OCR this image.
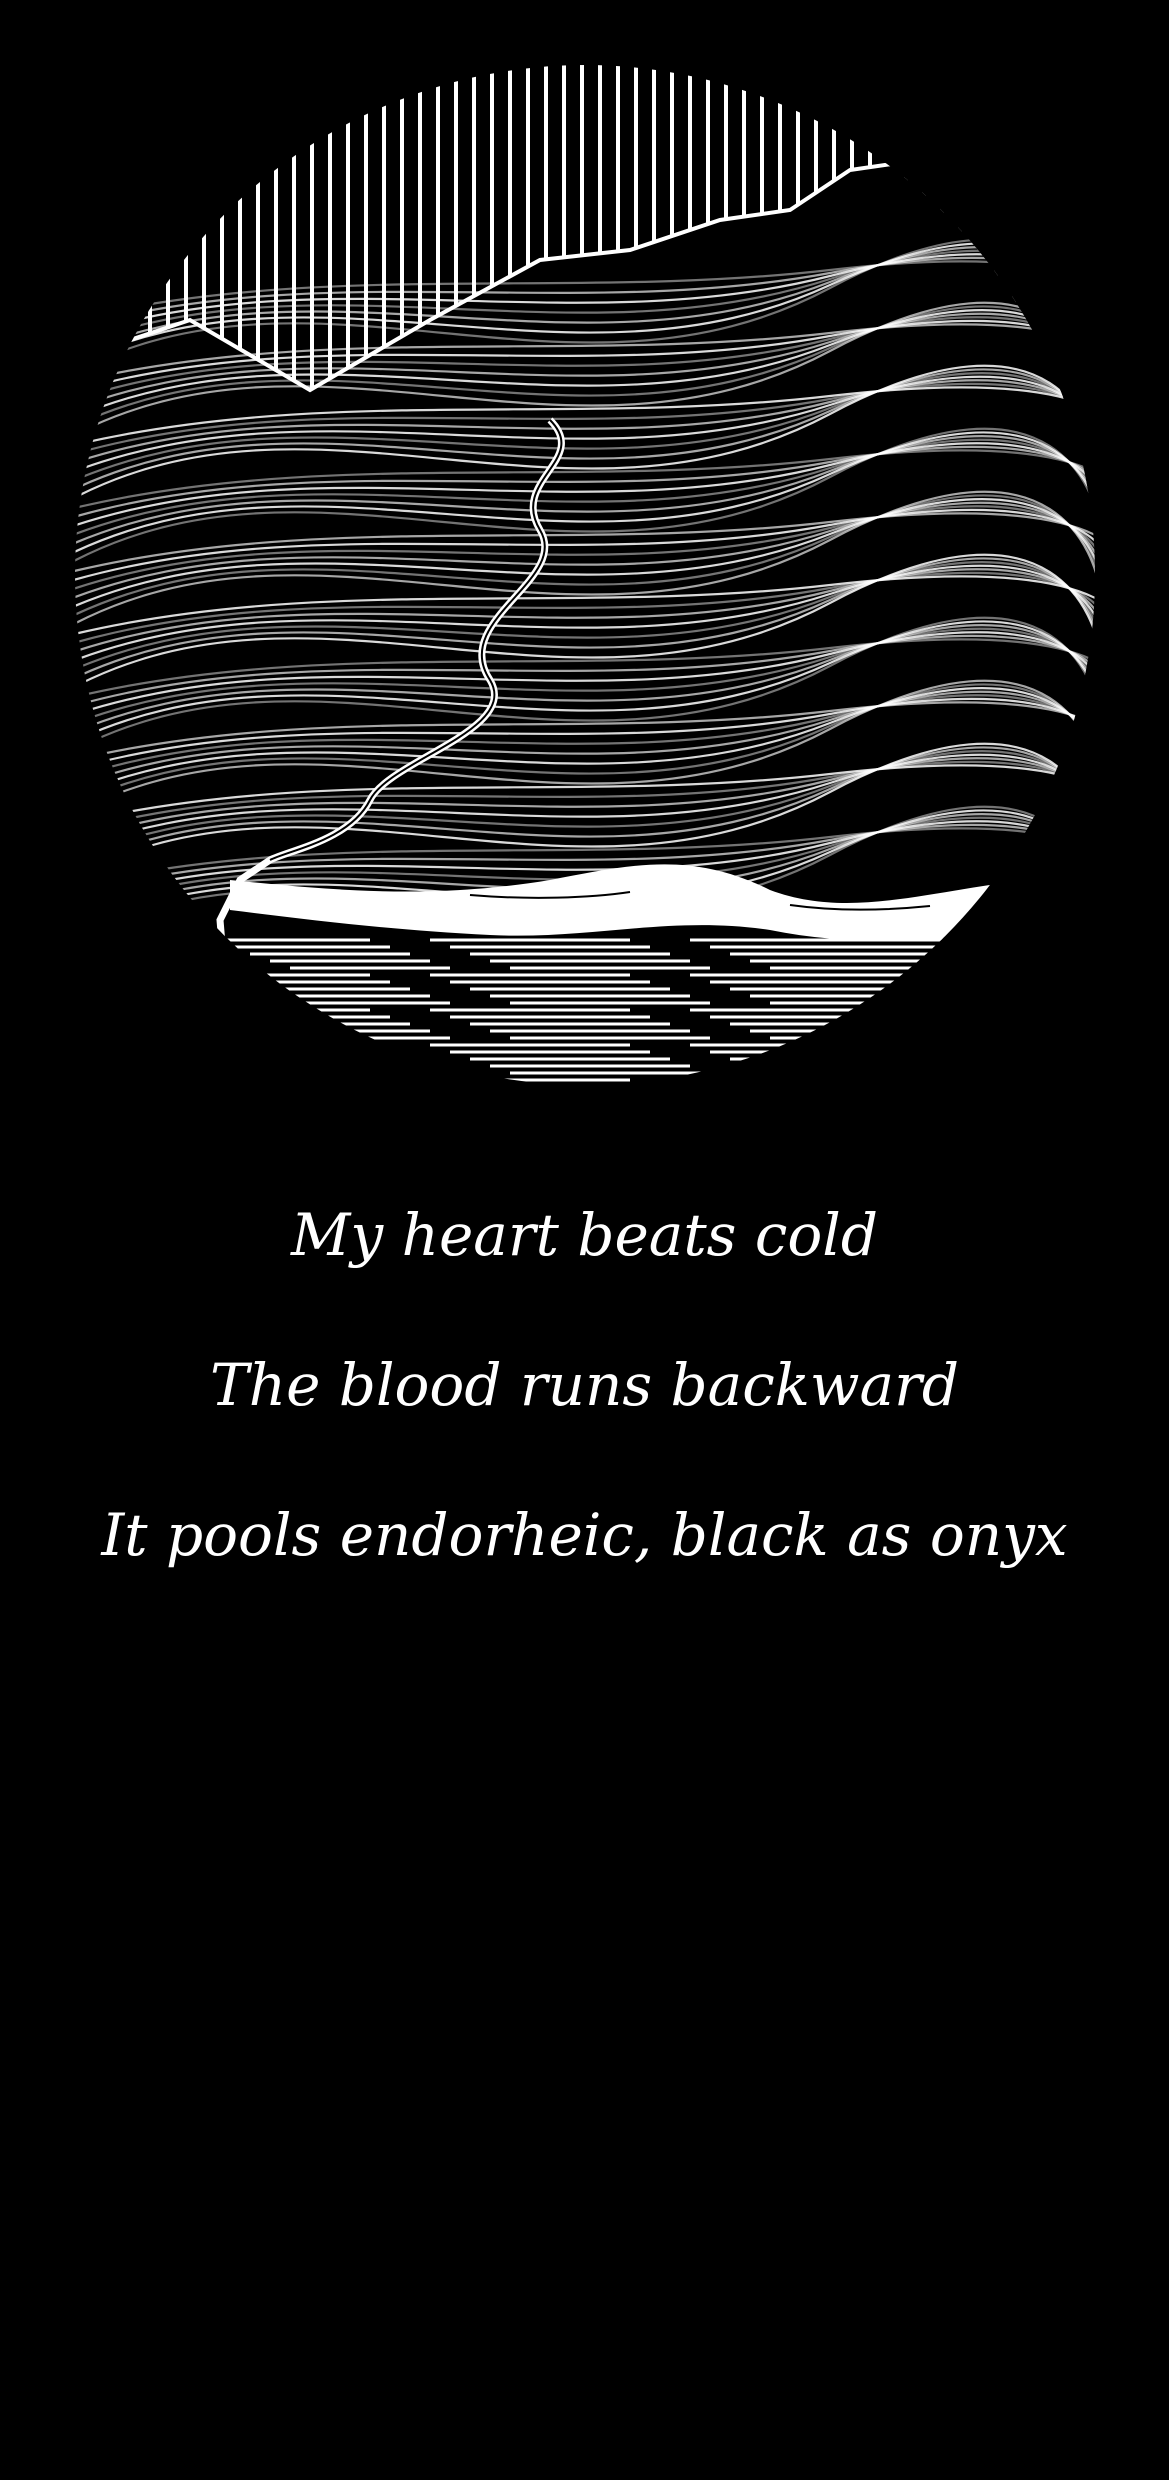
My heart beats cold
The blood runs backward
It pools endorheic, black as onyx
